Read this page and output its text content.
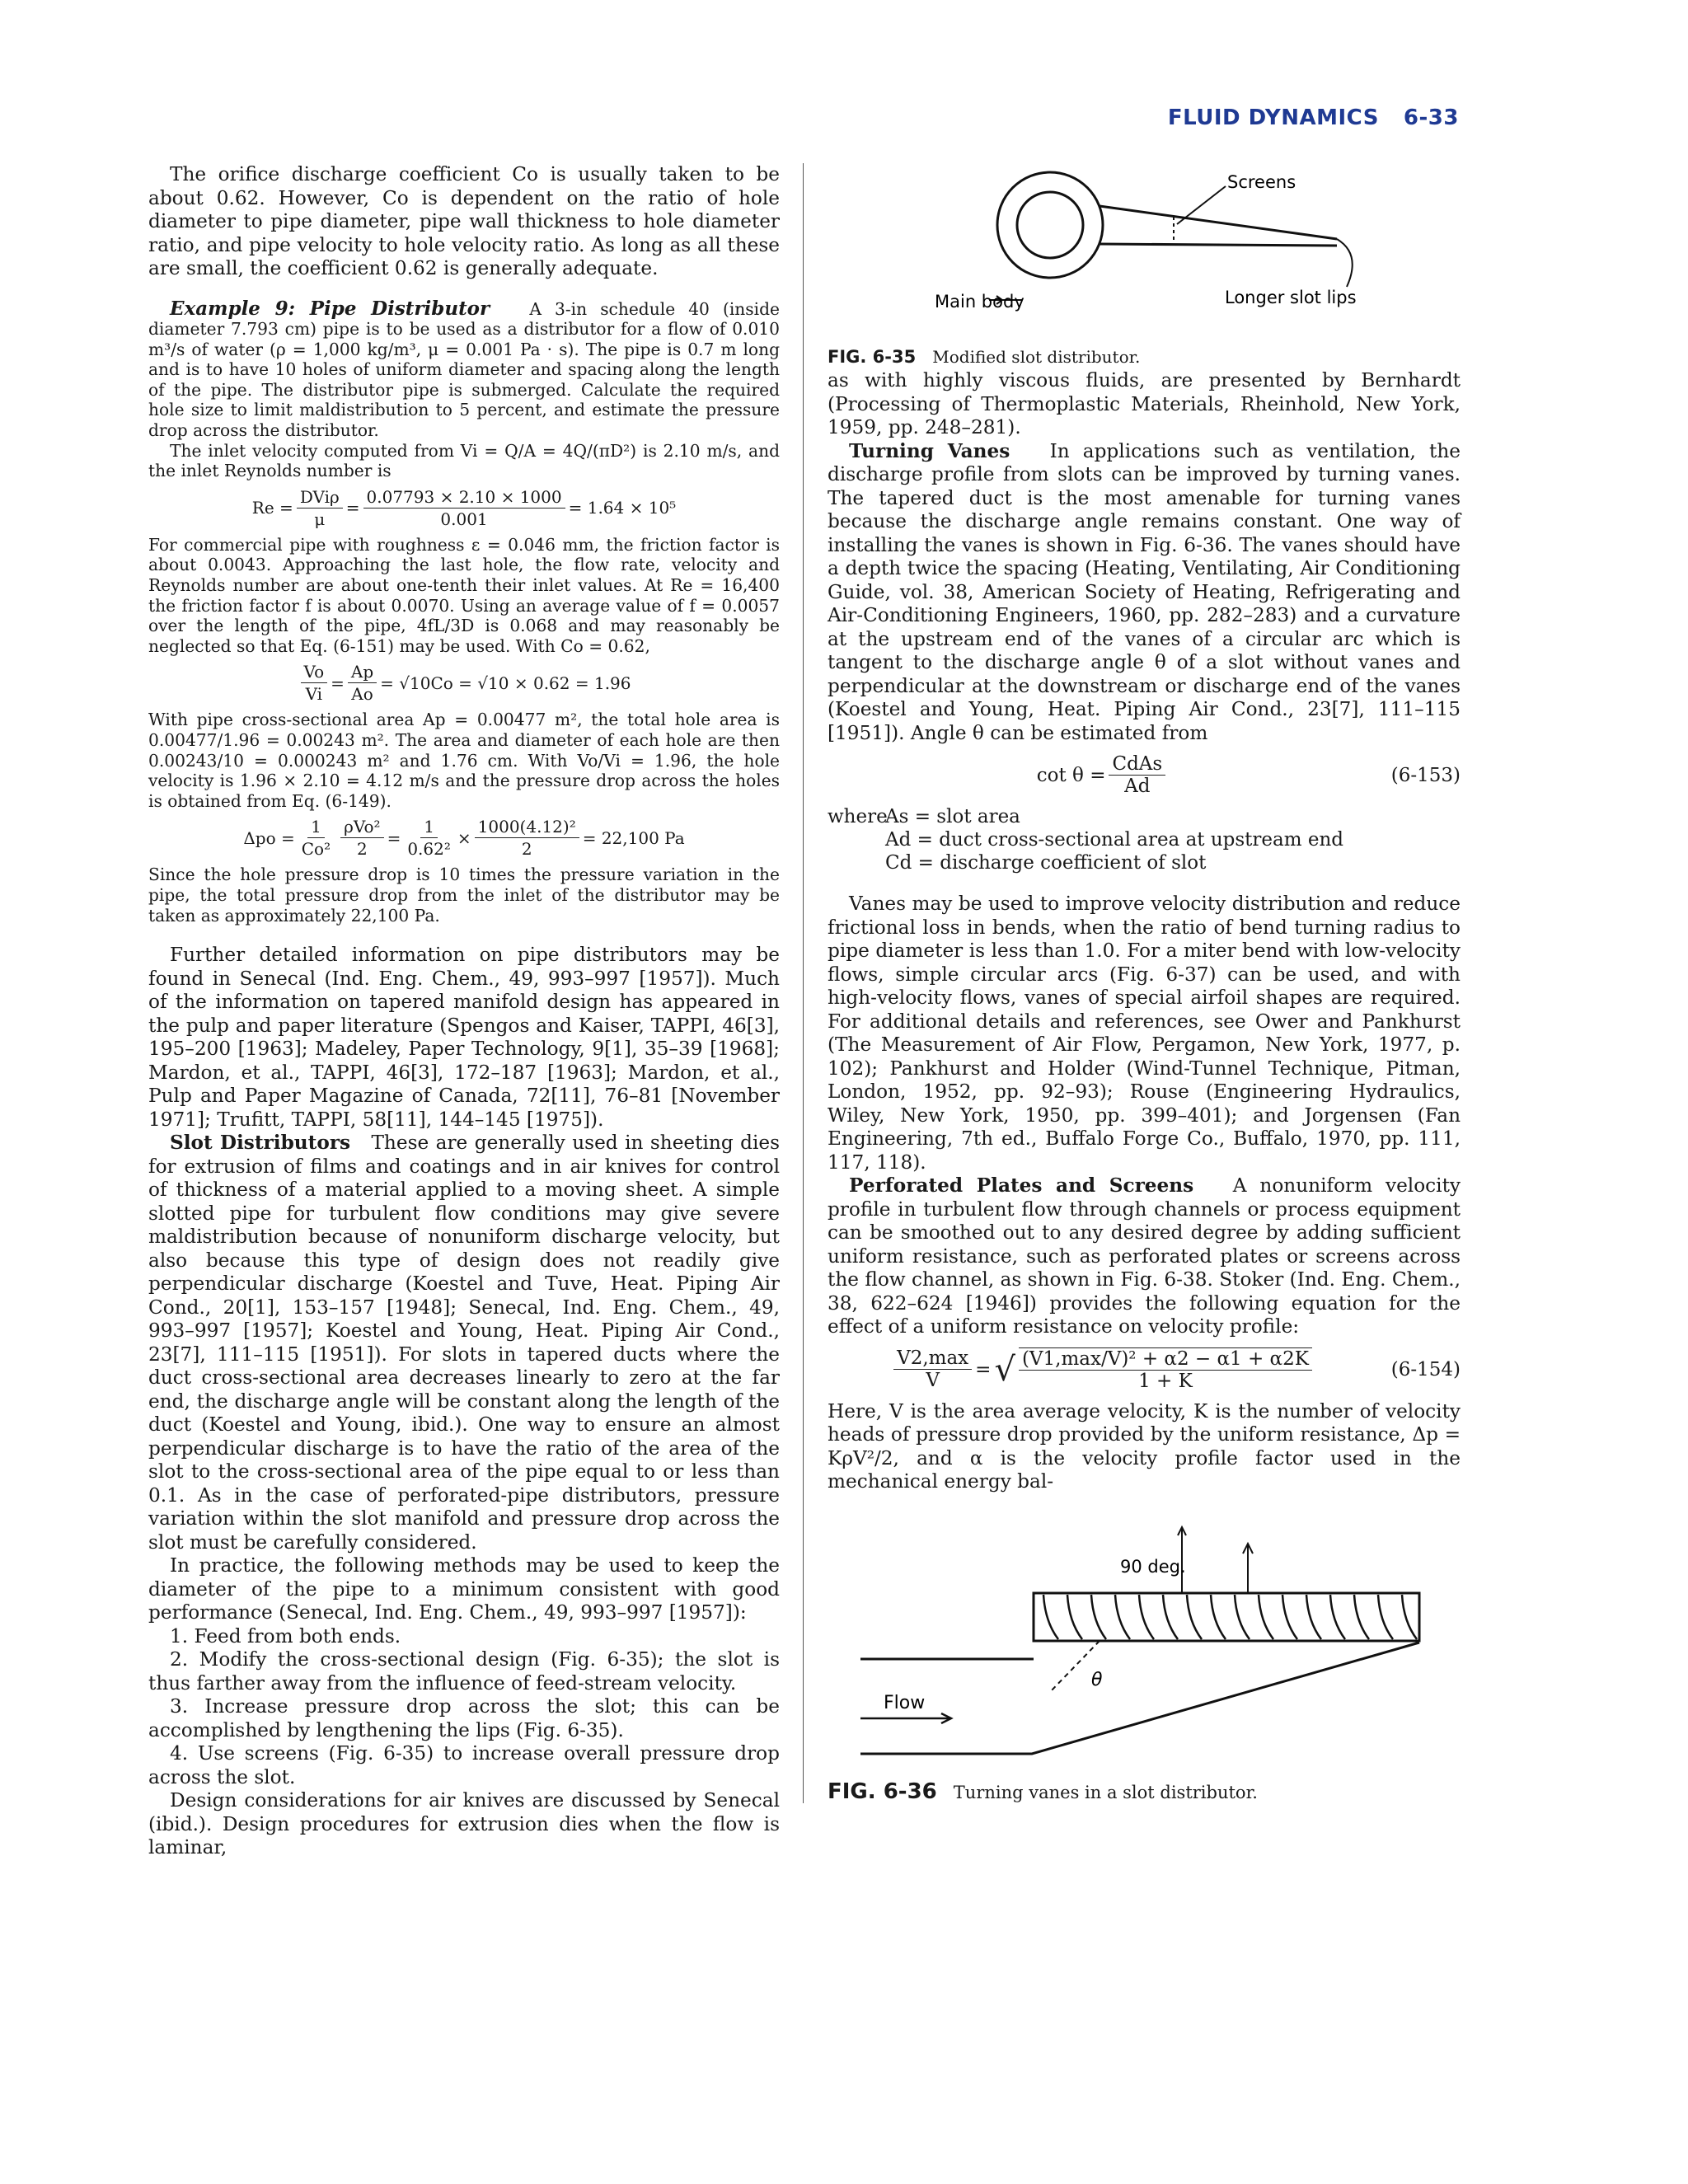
FLUID DYNAMICS 6-33

The orifice discharge coefficient Co is usually taken to be about 0.62. However, Co is dependent on the ratio of hole diameter to pipe diameter, pipe wall thickness to hole diameter ratio, and pipe velocity to hole velocity ratio. As long as all these are small, the coefficient 0.62 is generally adequate.

Example 9: Pipe Distributor A 3-in schedule 40 (inside diameter 7.793 cm) pipe is to be used as a distributor for a flow of 0.010 m³/s of water (ρ = 1,000 kg/m³, μ = 0.001 Pa · s). The pipe is 0.7 m long and is to have 10 holes of uniform diameter and spacing along the length of the pipe. The distributor pipe is submerged. Calculate the required hole size to limit maldistribution to 5 percent, and estimate the pressure drop across the distributor.

The inlet velocity computed from Vi = Q/A = 4Q/(πD²) is 2.10 m/s, and the inlet Reynolds number is

$Re = \frac{\text{DViρ}}{\mu} = \frac{0.07793 \times 2.10 \times 1000}{0.001} = 1.64 \times 10^5$

For commercial pipe with roughness ε = 0.046 mm, the friction factor is about 0.0043. Approaching the last hole, the flow rate, velocity and Reynolds number are about one-tenth their inlet values. At Re = 16,400 the friction factor f is about 0.0070. Using an average value of f = 0.0057 over the length of the pipe, 4fL/3D is 0.068 and may reasonably be neglected so that Eq. (6-151) may be used. With Co = 0.62,

$\frac{Vo}{Vi} = \frac{Ap}{Ao} = √10Co = √10 \times 0.62 = 1.96$

With pipe cross-sectional area Ap = 0.00477 m², the total hole area is 0.00477/1.96 = 0.00243 m². The area and diameter of each hole are then 0.00243/10 = 0.000243 m² and 1.76 cm. With Vo/Vi = 1.96, the hole velocity is 1.96 × 2.10 = 4.12 m/s and the pressure drop across the holes is obtained from Eq. (6-149).

$\Delta po = \frac{1}{\text{Co²}} \frac{\text{ρVo²}}{2} = \frac{1}{\text{0.62²}} \times \frac{\text{1000(4.12)²}}{2} = 22,100$ Pa

Since the hole pressure drop is 10 times the pressure variation in the pipe, the total pressure drop from the inlet of the distributor may be taken as approximately 22,100 Pa.

Further detailed information on pipe distributors may be found in Senecal (Ind. Eng. Chem., 49, 993–997 [1957]). Much of the information on tapered manifold design has appeared in the pulp and paper literature (Spengos and Kaiser, TAPPI, 46[3], 195–200 [1963]; Madeley, Paper Technology, 9[1], 35–39 [1968]; Mardon, et al., TAPPI, 46[3], 172–187 [1963]; Mardon, et al., Pulp and Paper Magazine of Canada, 72[11], 76–81 [November 1971]; Trufitt, TAPPI, 58[11], 144–145 [1975]).

Slot Distributors These are generally used in sheeting dies for extrusion of films and coatings and in air knives for control of thickness of a material applied to a moving sheet. A simple slotted pipe for turbulent flow conditions may give severe maldistribution because of nonuniform discharge velocity, but also because this type of design does not readily give perpendicular discharge (Koestel and Tuve, Heat. Piping Air Cond., 20[1], 153–157 [1948]; Senecal, Ind. Eng. Chem., 49, 993–997 [1957]; Koestel and Young, Heat. Piping Air Cond., 23[7], 111–115 [1951]). For slots in tapered ducts where the duct cross-sectional area decreases linearly to zero at the far end, the discharge angle will be constant along the length of the duct (Koestel and Young, ibid.). One way to ensure an almost perpendicular discharge is to have the ratio of the area of the slot to the cross-sectional area of the pipe equal to or less than 0.1. As in the case of perforated-pipe distributors, pressure variation within the slot manifold and pressure drop across the slot must be carefully considered.

In practice, the following methods may be used to keep the diameter of the pipe to a minimum consistent with good performance (Senecal, Ind. Eng. Chem., 49, 993–997 [1957]):

1. Feed from both ends.

2. Modify the cross-sectional design (Fig. 6-35); the slot is thus farther away from the influence of feed-stream velocity.

3. Increase pressure drop across the slot; this can be accomplished by lengthening the lips (Fig. 6-35).

4. Use screens (Fig. 6-35) to increase overall pressure drop across the slot.

Design considerations for air knives are discussed by Senecal (ibid.). Design procedures for extrusion dies when the flow is laminar,

Screens
Main body	Longer slot lips
FIG. 6-35 Modified slot distributor.

as with highly viscous fluids, are presented by Bernhardt (Processing of Thermoplastic Materials, Rheinhold, New York, 1959, pp. 248–281).

Turning Vanes In applications such as ventilation, the discharge profile from slots can be improved by turning vanes. The tapered duct is the most amenable for turning vanes because the discharge angle remains constant. One way of installing the vanes is shown in Fig. 6-36. The vanes should have a depth twice the spacing (Heating, Ventilating, Air Conditioning Guide, vol. 38, American Society of Heating, Refrigerating and Air-Conditioning Engineers, 1960, pp. 282–283) and a curvature at the upstream end of the vanes of a circular arc which is tangent to the discharge angle θ of a slot without vanes and perpendicular at the downstream or discharge end of the vanes (Koestel and Young, Heat. Piping Air Cond., 23[7], 111–115 [1951]). Angle θ can be estimated from

$\cot \theta = \frac{\text{CdAs}}{Ad}$	(6-153)
where
As = slot area
Ad = duct cross-sectional area at upstream end
Cd = discharge coefficient of slot

Vanes may be used to improve velocity distribution and reduce frictional loss in bends, when the ratio of bend turning radius to pipe diameter is less than 1.0. For a miter bend with low-velocity flows, simple circular arcs (Fig. 6-37) can be used, and with high-velocity flows, vanes of special airfoil shapes are required. For additional details and references, see Ower and Pankhurst (The Measurement of Air Flow, Pergamon, New York, 1977, p. 102); Pankhurst and Holder (Wind-Tunnel Technique, Pitman, London, 1952, pp. 92–93); Rouse (Engineering Hydraulics, Wiley, New York, 1950, pp. 399–401); and Jorgensen (Fan Engineering, 7th ed., Buffalo Forge Co., Buffalo, 1970, pp. 111, 117, 118).

Perforated Plates and Screens A nonuniform velocity profile in turbulent flow through channels or process equipment can be smoothed out to any desired degree by adding sufficient uniform resistance, such as perforated plates or screens across the flow channel, as shown in Fig. 6-38. Stoker (Ind. Eng. Chem., 38, 622–624 [1946]) provides the following equation for the effect of a uniform resistance on velocity profile:

$\frac{V2,\max}{V}$ = √ $\frac{\text{(V1,max/V)² + α2 − α1 + α2K}}{1 + K}$	(6-154)

Here, V is the area average velocity, K is the number of velocity heads of pressure drop provided by the uniform resistance, Δp = KρV²/2, and α is the velocity profile factor used in the mechanical energy bal-

90 deg.
θ
Flow
FIG. 6-36 Turning vanes in a slot distributor.
